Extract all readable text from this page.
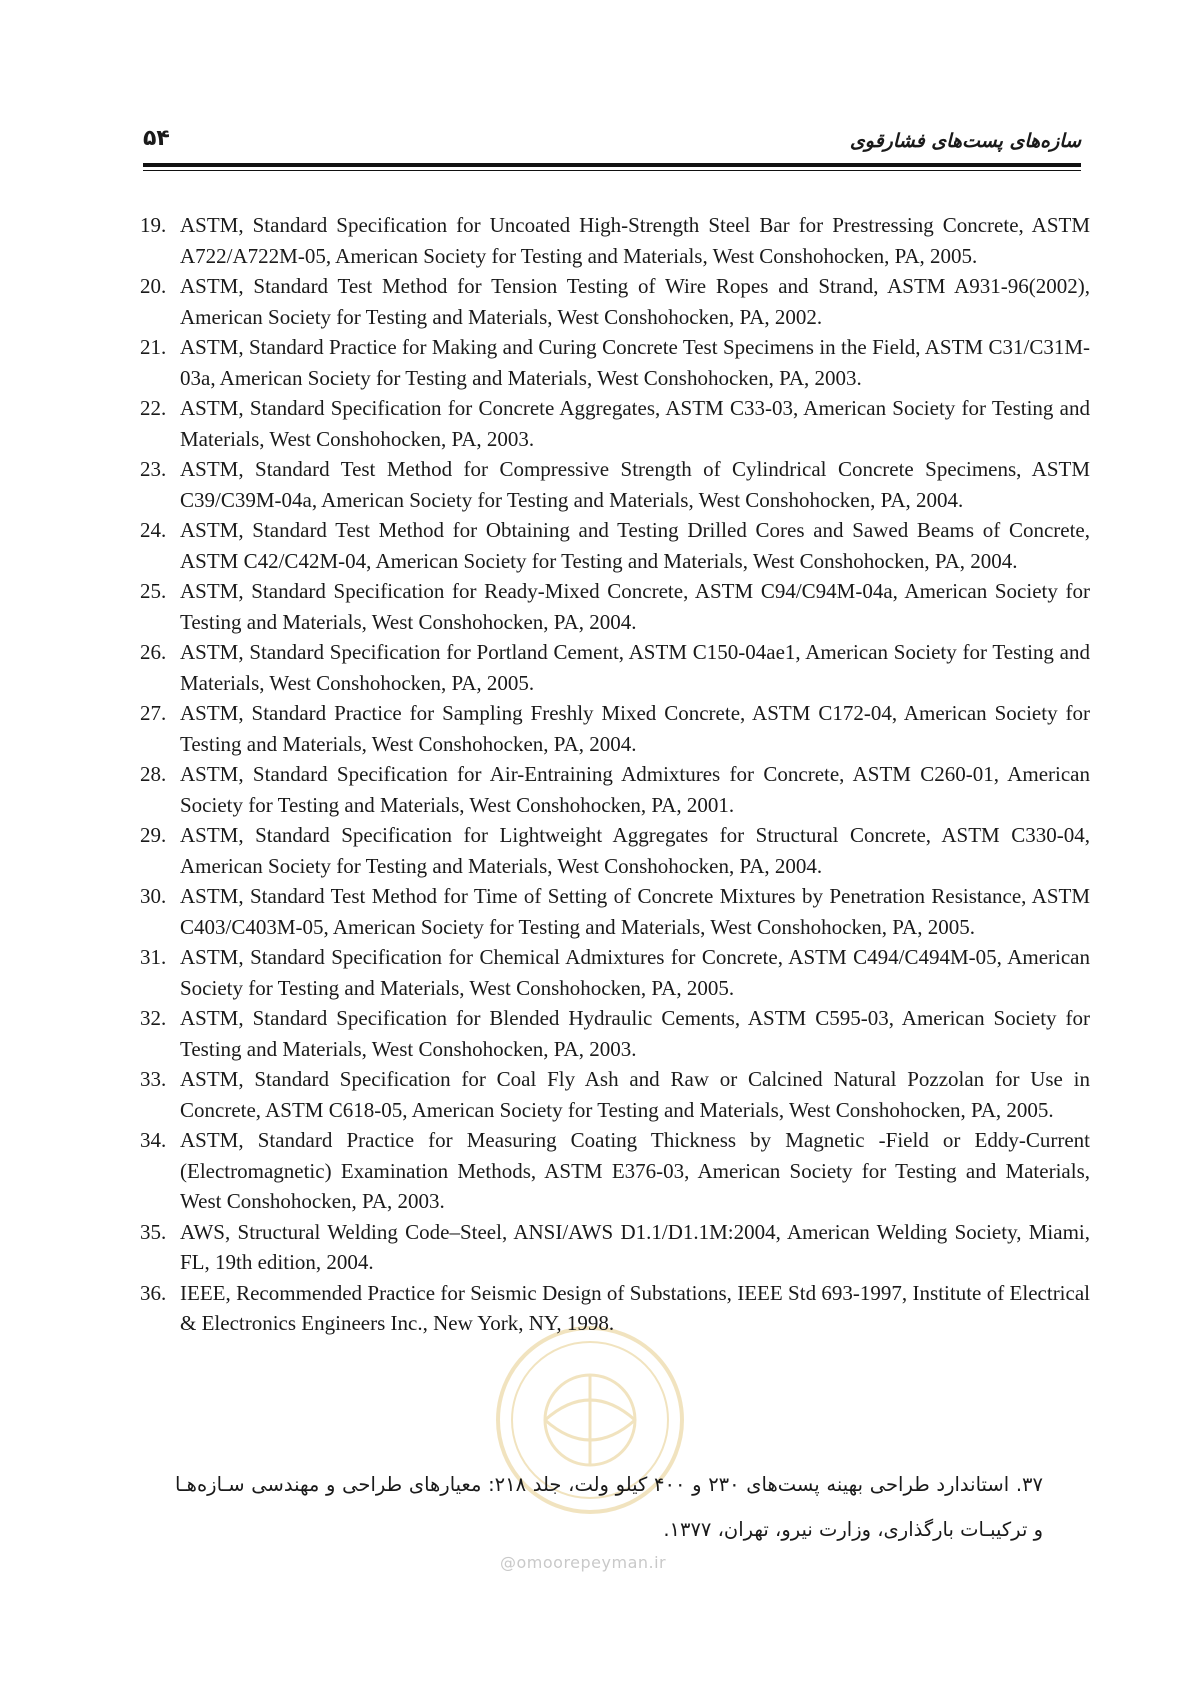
۵۴	سازه‌های پست‌های فشارقوی
@omoorepeyman.ir
19. ASTM, Standard Specification for Uncoated High-Strength Steel Bar for Prestressing Concrete, ASTM A722/A722M-05, American Society for Testing and Materials, West Conshohocken, PA, 2005.
20. ASTM, Standard Test Method for Tension Testing of Wire Ropes and Strand, ASTM A931-96(2002), American Society for Testing and Materials, West Conshohocken, PA, 2002.
21. ASTM, Standard Practice for Making and Curing Concrete Test Specimens in the Field, ASTM C31/C31M-03a, American Society for Testing and Materials, West Conshohocken, PA, 2003.
22. ASTM, Standard Specification for Concrete Aggregates, ASTM C33-03, American Society for Testing and Materials, West Conshohocken, PA, 2003.
23. ASTM, Standard Test Method for Compressive Strength of Cylindrical Concrete Specimens, ASTM C39/C39M-04a, American Society for Testing and Materials, West Conshohocken, PA, 2004.
24. ASTM, Standard Test Method for Obtaining and Testing Drilled Cores and Sawed Beams of Concrete, ASTM C42/C42M-04, American Society for Testing and Materials, West Conshohocken, PA, 2004.
25. ASTM, Standard Specification for Ready-Mixed Concrete, ASTM C94/C94M-04a, American Society for Testing and Materials, West Conshohocken, PA, 2004.
26. ASTM, Standard Specification for Portland Cement, ASTM C150-04ae1, American Society for Testing and Materials, West Conshohocken, PA, 2005.
27. ASTM, Standard Practice for Sampling Freshly Mixed Concrete, ASTM C172-04, American Society for Testing and Materials, West Conshohocken, PA, 2004.
28. ASTM, Standard Specification for Air-Entraining Admixtures for Concrete, ASTM C260-01, American Society for Testing and Materials, West Conshohocken, PA, 2001.
29. ASTM, Standard Specification for Lightweight Aggregates for Structural Concrete, ASTM C330-04, American Society for Testing and Materials, West Conshohocken, PA, 2004.
30. ASTM, Standard Test Method for Time of Setting of Concrete Mixtures by Penetration Resistance, ASTM C403/C403M-05, American Society for Testing and Materials, West Conshohocken, PA, 2005.
31. ASTM, Standard Specification for Chemical Admixtures for Concrete, ASTM C494/C494M-05, American Society for Testing and Materials, West Conshohocken, PA, 2005.
32. ASTM, Standard Specification for Blended Hydraulic Cements, ASTM C595-03, American Society for Testing and Materials, West Conshohocken, PA, 2003.
33. ASTM, Standard Specification for Coal Fly Ash and Raw or Calcined Natural Pozzolan for Use in Concrete, ASTM C618-05, American Society for Testing and Materials, West Conshohocken, PA, 2005.
34. ASTM, Standard Practice for Measuring Coating Thickness by Magnetic -Field or Eddy-Current (Electromagnetic) Examination Methods, ASTM E376-03, American Society for Testing and Materials, West Conshohocken, PA, 2003.
35. AWS, Structural Welding Code–Steel, ANSI/AWS D1.1/D1.1M:2004, American Welding Society, Miami, FL, 19th edition, 2004.
36. IEEE, Recommended Practice for Seismic Design of Substations, IEEE Std 693-1997, Institute of Electrical & Electronics Engineers Inc., New York, NY, 1998.
۳۷. استاندارد طراحی بهینه پست‌های ۲۳۰ و ۴۰۰ کیلو ولت، جلد ۲۱۸: معیارهای طراحی و مهندسی سـازه‌هـا و ترکیبـات بارگذاری، وزارت نیرو، تهران، ۱۳۷۷.
